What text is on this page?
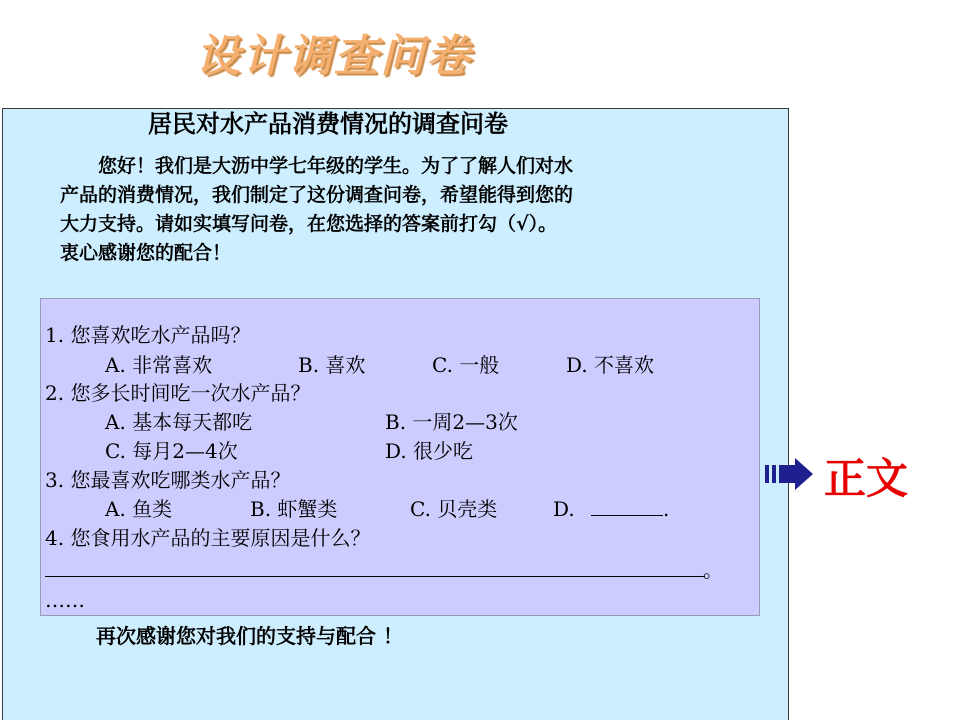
设计调查问卷
居民对水产品消费情况的调查问卷
　　您好！我们是大沥中学七年级的学生。为了了解人们对水
产品的消费情况，我们制定了这份调查问卷，希望能得到您的
大力支持。请如实填写问卷，在您选择的答案前打勾（√）。
衷心感谢您的配合！
1. 您喜欢吃水产品吗？
A. 非常喜欢	B. 喜欢	C. 一般	D. 不喜欢
2. 您多长时间吃一次水产品？
A. 基本每天都吃	B. 一周2—3次
C. 每月2—4次	D. 很少吃
3. 您最喜欢吃哪类水产品？
A. 鱼类	B. 虾蟹类	C. 贝壳类	D.	.
4. 您食用水产品的主要原因是什么？
。
……
再次感谢您对我们的支持与配合 ！
正文
